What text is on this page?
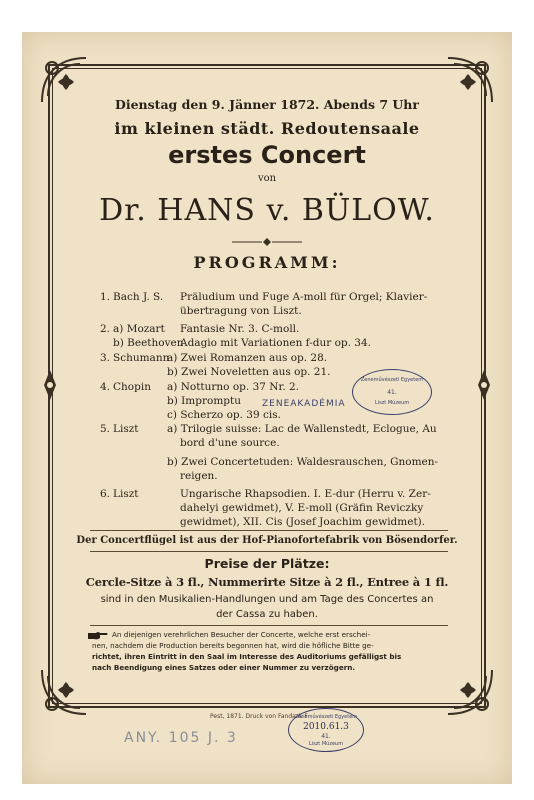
Dienstag den 9. Jänner 1872. Abends 7 Uhr
im kleinen städt. Redoutensaale
erstes Concert
von
Dr. HANS v. BÜLOW.
PROGRAMM:
1. Bach J. S. Präludium und Fuge A-moll für Orgel; Klavier-
übertragung von Liszt.
2. a) Mozart Fantasie Nr. 3. C-moll.
b) Beethoven
Adagio mit Variationen f-dur op. 34.
3. Schumann
a) Zwei Romanzen aus op. 28.
b) Zwei Noveletten aus op. 21.
4. Chopin a) Notturno op. 37 Nr. 2.
b) Impromptu
c) Scherzo op. 39 cis.
ZENEAKADÉMIA
5. Liszt	a) Trilogie suisse: Lac de Wallenstedt, Eclogue, Au
bord d'une source.
b) Zwei Concertetuden: Waldesrauschen, Gnomen-
reigen.
6. Liszt	Ungarische Rhapsodien. I. E-dur (Herru v. Zer-
dahelyi gewidmet), V. E-moll (Gräfin Reviczky
gewidmet), XII. Cis (Josef Joachim gewidmet).
Der Concertflügel ist aus der Hof-Pianofortefabrik von Bösendorfer.
Preise der Plätze:
Cercle-Sitze à 3 fl., Nummerirte Sitze à 2 fl., Entree à 1 fl.
sind in den Musikalien-Handlungen und am Tage des Concertes an
der Cassa zu haben.
An diejenigen verehrlichen Besucher der Concerte, welche erst erschei-
nen, nachdem die Production bereits begonnen hat, wird die höfliche Bitte ge-
richtet, ihren Eintritt in den Saal im Interesse des Auditoriums gefälligst bis
nach Beendigung eines Satzes oder einer Nummer zu verzögern.
Pest, 1871. Druck von Fanda & F
Zeneművészeti Egyetem
41.
Liszt Múzeum
Zeneművészeti Egyetem
2010.61.3
41.
Liszt Múzeum
ANY. 105 J. 3
